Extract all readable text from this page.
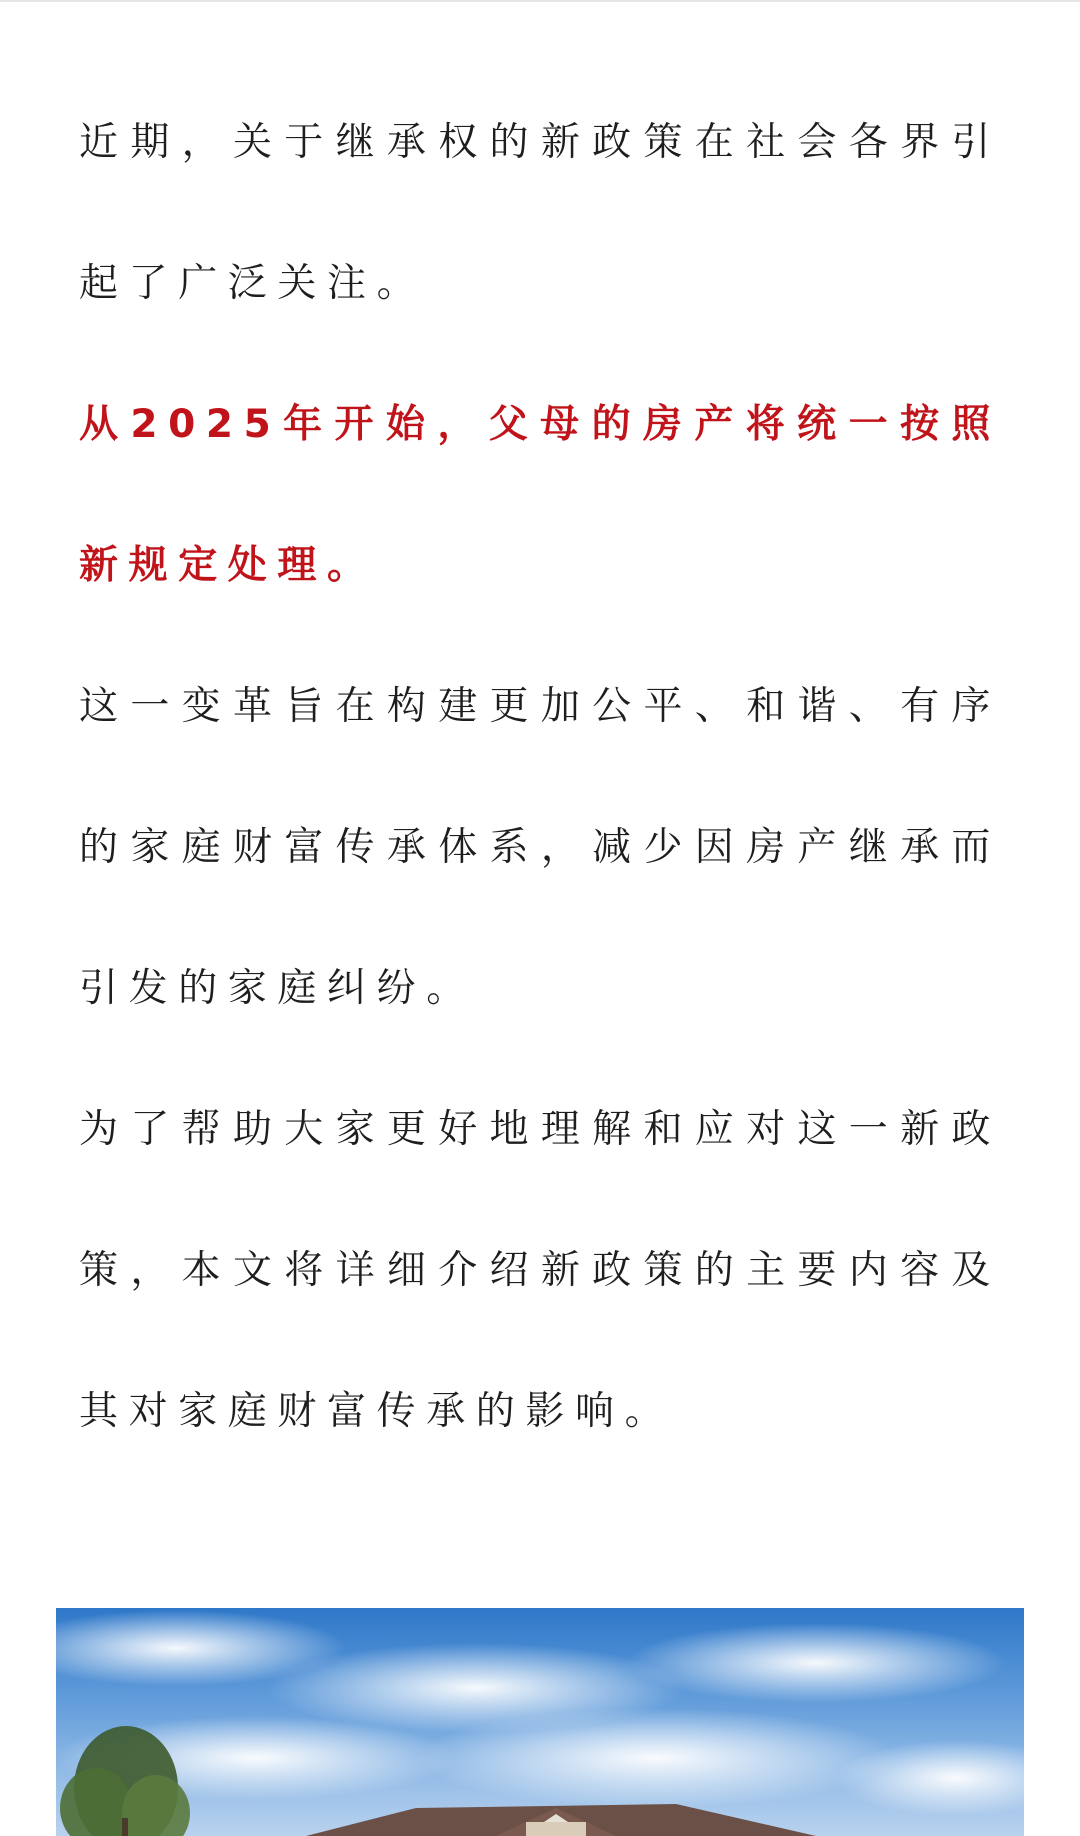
近期，关于继承权的新政策在社会各界引起了广泛关注。

从2025年开始，父母的房产将统一按照新规定处理。

这一变革旨在构建更加公平、和谐、有序的家庭财富传承体系，减少因房产继承而引发的家庭纠纷。

为了帮助大家更好地理解和应对这一新政策，本文将详细介绍新政策的主要内容及其对家庭财富传承的影响。
